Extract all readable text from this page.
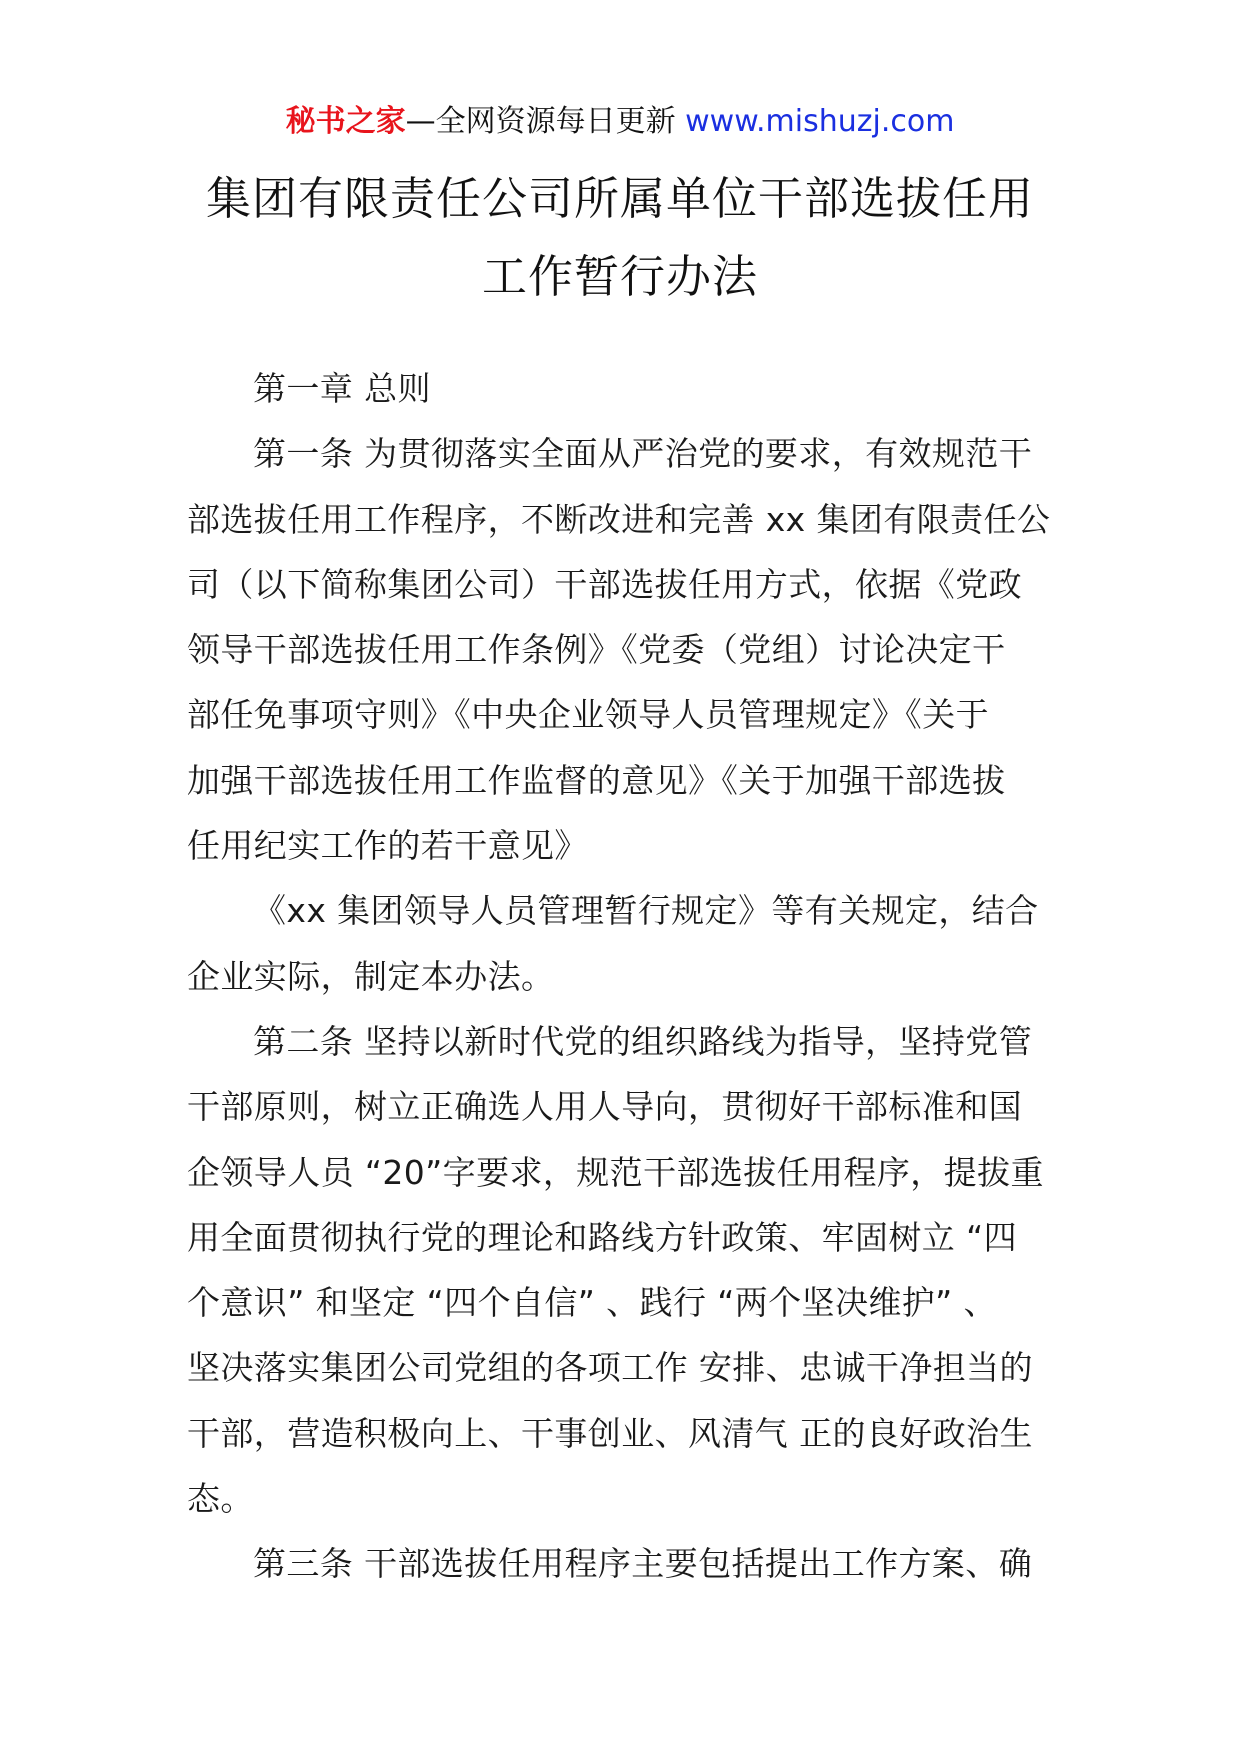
秘书之家—全网资源每日更新 www.mishuzj.com
集团有限责任公司所属单位干部选拔任用
工作暂行办法
第一章 总则
第一条 为贯彻落实全面从严治党的要求，有效规范干
部选拔任用工作程序，不断改进和完善 xx 集团有限责任公
司（以下简称集团公司）干部选拔任用方式，依据《党政
领导干部选拔任用工作条例》《党委（党组）讨论决定干
部任免事项守则》《中央企业领导人员管理规定》《关于
加强干部选拔任用工作监督的意见》《关于加强干部选拔
任用纪实工作的若干意见》
《xx 集团领导人员管理暂行规定》等有关规定，结合
企业实际，制定本办法。
第二条 坚持以新时代党的组织路线为指导，坚持党管
干部原则，树立正确选人用人导向，贯彻好干部标准和国
企领导人员 “20”字要求，规范干部选拔任用程序，提拔重
用全面贯彻执行党的理论和路线方针政策、牢固树立 “四
个意识” 和坚定 “四个自信” 、践行 “两个坚决维护” 、
坚决落实集团公司党组的各项工作 安排、忠诚干净担当的
干部，营造积极向上、干事创业、风清气 正的良好政治生
态。
第三条 干部选拔任用程序主要包括提出工作方案、确
